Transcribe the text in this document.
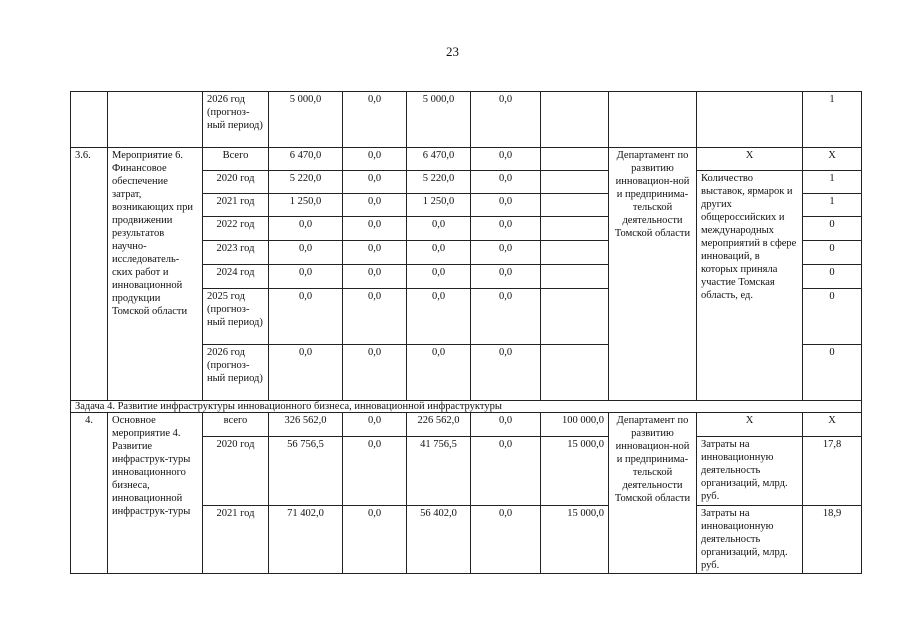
23
		2026 год (прогноз-ный период)	5 000,0	0,0	5 000,0	0,0				1
3.6.	Мероприятие 6. Финансовое обеспечение затрат, возникающих при продвижении результатов научно-исследователь-ских работ и инновационной продукции Томской области	Всего	6 470,0	0,0	6 470,0	0,0		Департамент по развитию инновацион-ной и предпринима-тельской деятельности Томской области	X	X
		2020 год	5 220,0	0,0	5 220,0	0,0			Количество выставок, ярмарок и других общероссийских и международных мероприятий в сфере инноваций, в которых приняла участие Томская область, ед.	1
		2021 год	1 250,0	0,0	1 250,0	0,0				1
		2022 год	0,0	0,0	0,0	0,0				0
		2023 год	0,0	0,0	0,0	0,0				0
		2024 год	0,0	0,0	0,0	0,0				0
		2025 год (прогноз-ный период)	0,0	0,0	0,0	0,0				0
		2026 год (прогноз-ный период)	0,0	0,0	0,0	0,0				0
Задача 4. Развитие инфраструктуры инновационного бизнеса, инновационной инфраструктуры										
4.	Основное мероприятие 4. Развитие инфраструк-туры инновационного бизнеса, инновационной инфраструк-туры	всего	326 562,0	0,0	226 562,0	0,0	100 000,0	Департамент по развитию инновацион-ной и предпринима-тельской деятельности Томской области	X	X
		2020 год	56 756,5	0,0	41 756,5	0,0	15 000,0		Затраты на инновационную деятельность организаций, млрд. руб.	17,8
		2021 год	71 402,0	0,0	56 402,0	0,0	15 000,0		Затраты на инновационную деятельность организаций, млрд. руб.	18,9
